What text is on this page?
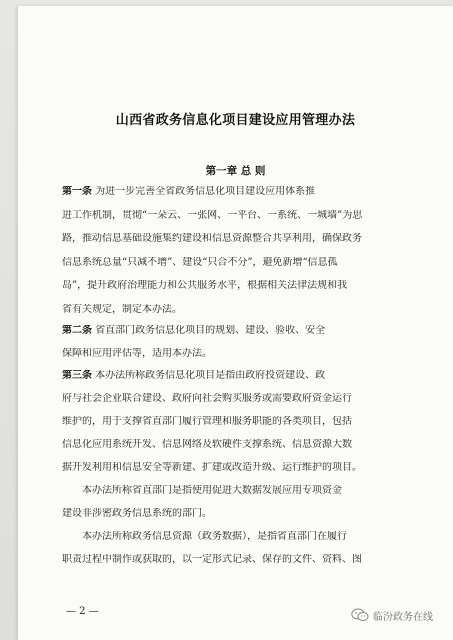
山西省政务信息化项目建设应用管理办法
第一章 总 则
第一条 为进一步完善全省政务信息化项目建设应用体系推
进工作机制，贯彻“一朵云、一张网、一平台、一系统、一城墙”为思
路，推动信息基础设施集约建设和信息资源整合共享利用，确保政务
信息系统总量“只减不增”、建设“只合不分”，避免新增“信息孤
岛”，提升政府治理能力和公共服务水平，根据相关法律法规和我
省有关规定，制定本办法。
第二条 省直部门政务信息化项目的规划、建设、验收、安全
保障和应用评估等，适用本办法。
第三条 本办法所称政务信息化项目是指由政府投资建设、政
府与社会企业联合建设、政府向社会购买服务或需要政府资金运行
维护的，用于支撑省直部门履行管理和服务职能的各类项目，包括
信息化应用系统开发、信息网络及软硬件支撑系统、信息资源大数
据开发利用和信息安全等新建、扩建或改造升级、运行维护的项目。
　　本办法所称省直部门是指使用促进大数据发展应用专项资金
建设非涉密政务信息系统的部门。
　　本办法所称政务信息资源（政务数据），是指省直部门在履行
职责过程中制作或获取的，以一定形式记录、保存的文件、资料、图
— 2 —	临汾政务在线
